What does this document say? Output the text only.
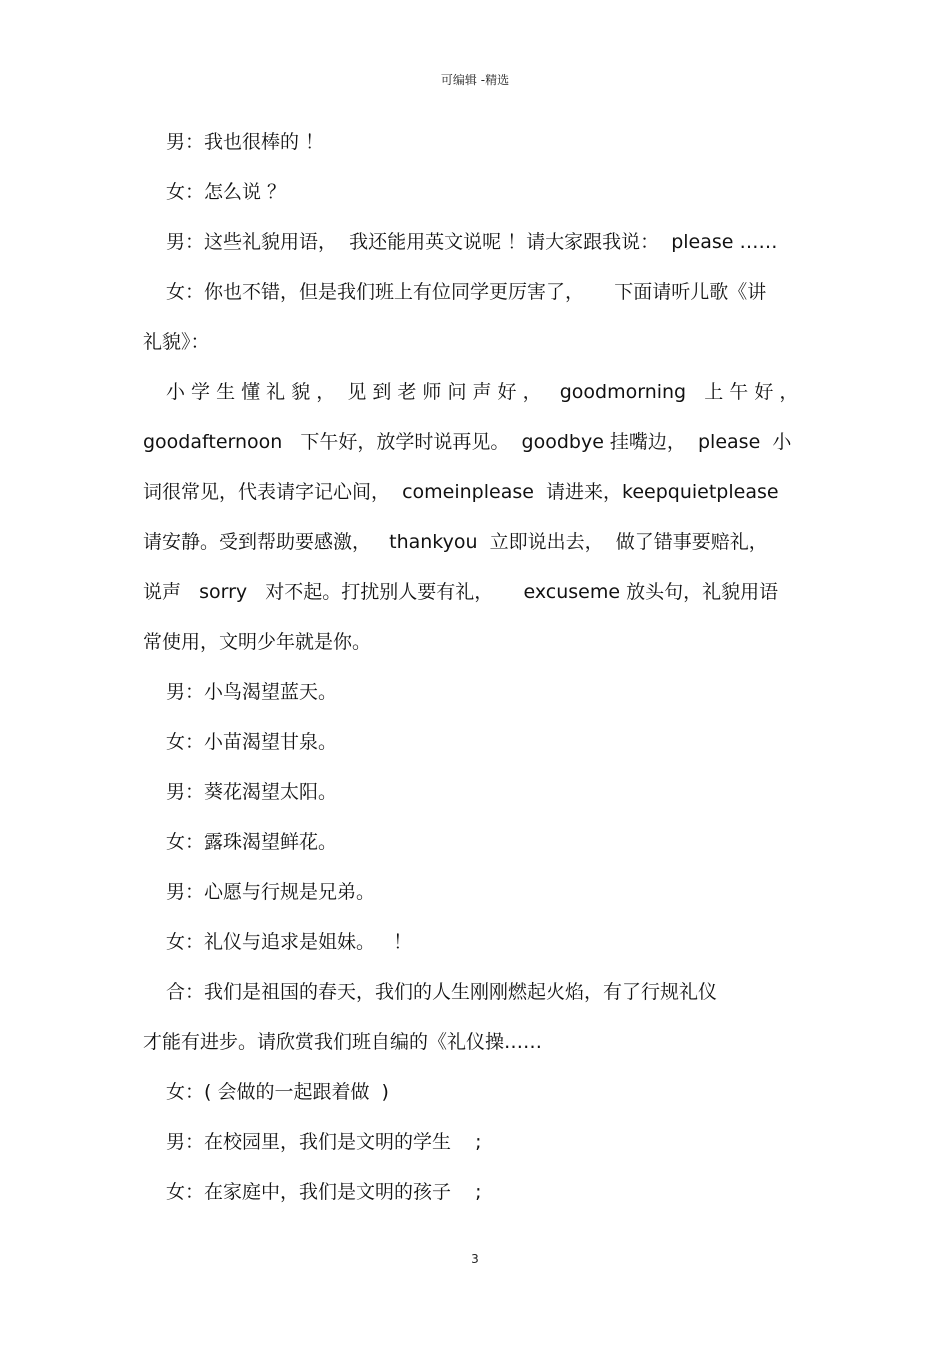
可编辑 -精选
男：我也很棒的 ！
女：怎么说 ？
男：这些礼貌用语，  我还能用英文说呢 ！请大家跟我说：  please ……
女：你也不错，但是我们班上有位同学更厉害了，     下面请听儿歌《讲
礼貌》：
小 学 生 懂 礼 貌 ，  见 到 老 师 问 声 好 ，   goodmorning   上 午 好 ，
goodafternoon   下午好，放学时说再见。  goodbye 挂嘴边，  please  小
词很常见，代表请字记心间，  comeinplease  请进来，keepquietplease
请安静。受到帮助要感激，   thankyou  立即说出去，  做了错事要赔礼，
说声   sorry   对不起。打扰别人要有礼，     excuseme 放头句，礼貌用语
常使用，文明少年就是你。
男：小鸟渴望蓝天。
女：小苗渴望甘泉。
男：葵花渴望太阳。
女：露珠渴望鲜花。
男：心愿与行规是兄弟。
女：礼仪与追求是姐妹。   ！
合：我们是祖国的春天，我们的人生刚刚燃起火焰，有了行规礼仪
才能有进步。请欣赏我们班自编的《礼仪操……
女：( 会做的一起跟着做  )
男：在校园里，我们是文明的学生    ;
女：在家庭中，我们是文明的孩子    ;
3
